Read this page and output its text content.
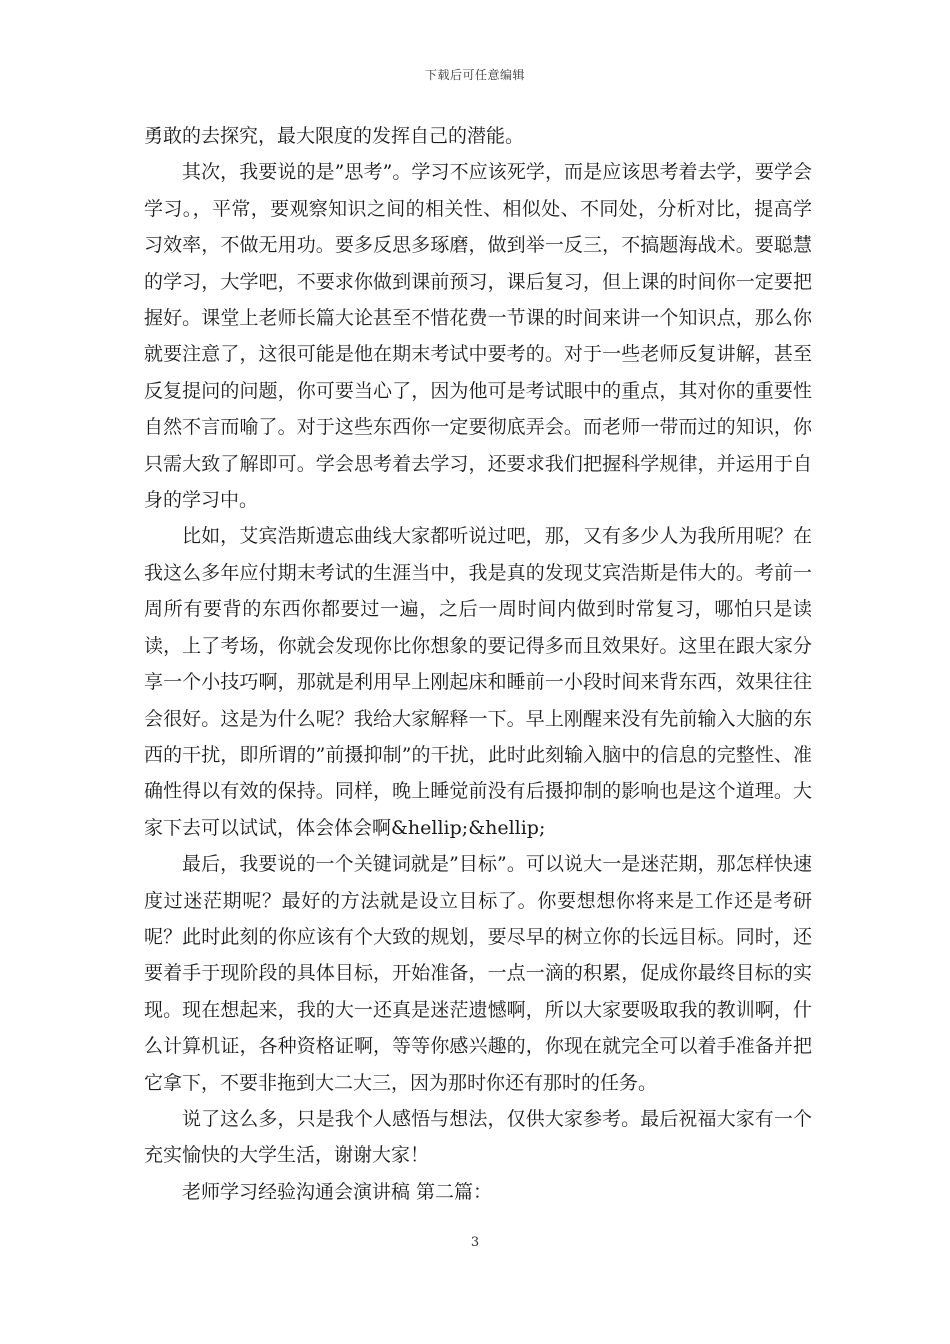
下载后可任意编辑

勇敢的去探究，最大限度的发挥自己的潜能。

其次，我要说的是”思考”。学习不应该死学，而是应该思考着去学，要学会学习。，平常，要观察知识之间的相关性、相似处、不同处，分析对比，提高学习效率，不做无用功。要多反思多琢磨，做到举一反三，不搞题海战术。要聪慧的学习，大学吧，不要求你做到课前预习，课后复习，但上课的时间你一定要把握好。课堂上老师长篇大论甚至不惜花费一节课的时间来讲一个知识点，那么你就要注意了，这很可能是他在期末考试中要考的。对于一些老师反复讲解，甚至反复提问的问题，你可要当心了，因为他可是考试眼中的重点，其对你的重要性自然不言而喻了。对于这些东西你一定要彻底弄会。而老师一带而过的知识，你只需大致了解即可。学会思考着去学习，还要求我们把握科学规律，并运用于自身的学习中。

比如，艾宾浩斯遗忘曲线大家都听说过吧，那，又有多少人为我所用呢？在我这么多年应付期末考试的生涯当中，我是真的发现艾宾浩斯是伟大的。考前一周所有要背的东西你都要过一遍，之后一周时间内做到时常复习，哪怕只是读读，上了考场，你就会发现你比你想象的要记得多而且效果好。这里在跟大家分享一个小技巧啊，那就是利用早上刚起床和睡前一小段时间来背东西，效果往往会很好。这是为什么呢？我给大家解释一下。早上刚醒来没有先前输入大脑的东西的干扰，即所谓的”前摄抑制”的干扰，此时此刻输入脑中的信息的完整性、准确性得以有效的保持。同样，晚上睡觉前没有后摄抑制的影响也是这个道理。大家下去可以试试，体会体会啊&hellip;&hellip;

最后，我要说的一个关键词就是”目标”。可以说大一是迷茫期，那怎样快速度过迷茫期呢？最好的方法就是设立目标了。你要想想你将来是工作还是考研呢？此时此刻的你应该有个大致的规划，要尽早的树立你的长远目标。同时，还要着手于现阶段的具体目标，开始准备，一点一滴的积累，促成你最终目标的实现。现在想起来，我的大一还真是迷茫遗憾啊，所以大家要吸取我的教训啊，什么计算机证，各种资格证啊，等等你感兴趣的，你现在就完全可以着手准备并把它拿下，不要非拖到大二大三，因为那时你还有那时的任务。

说了这么多，只是我个人感悟与想法，仅供大家参考。最后祝福大家有一个充实愉快的大学生活，谢谢大家！

老师学习经验沟通会演讲稿 第二篇：

3
